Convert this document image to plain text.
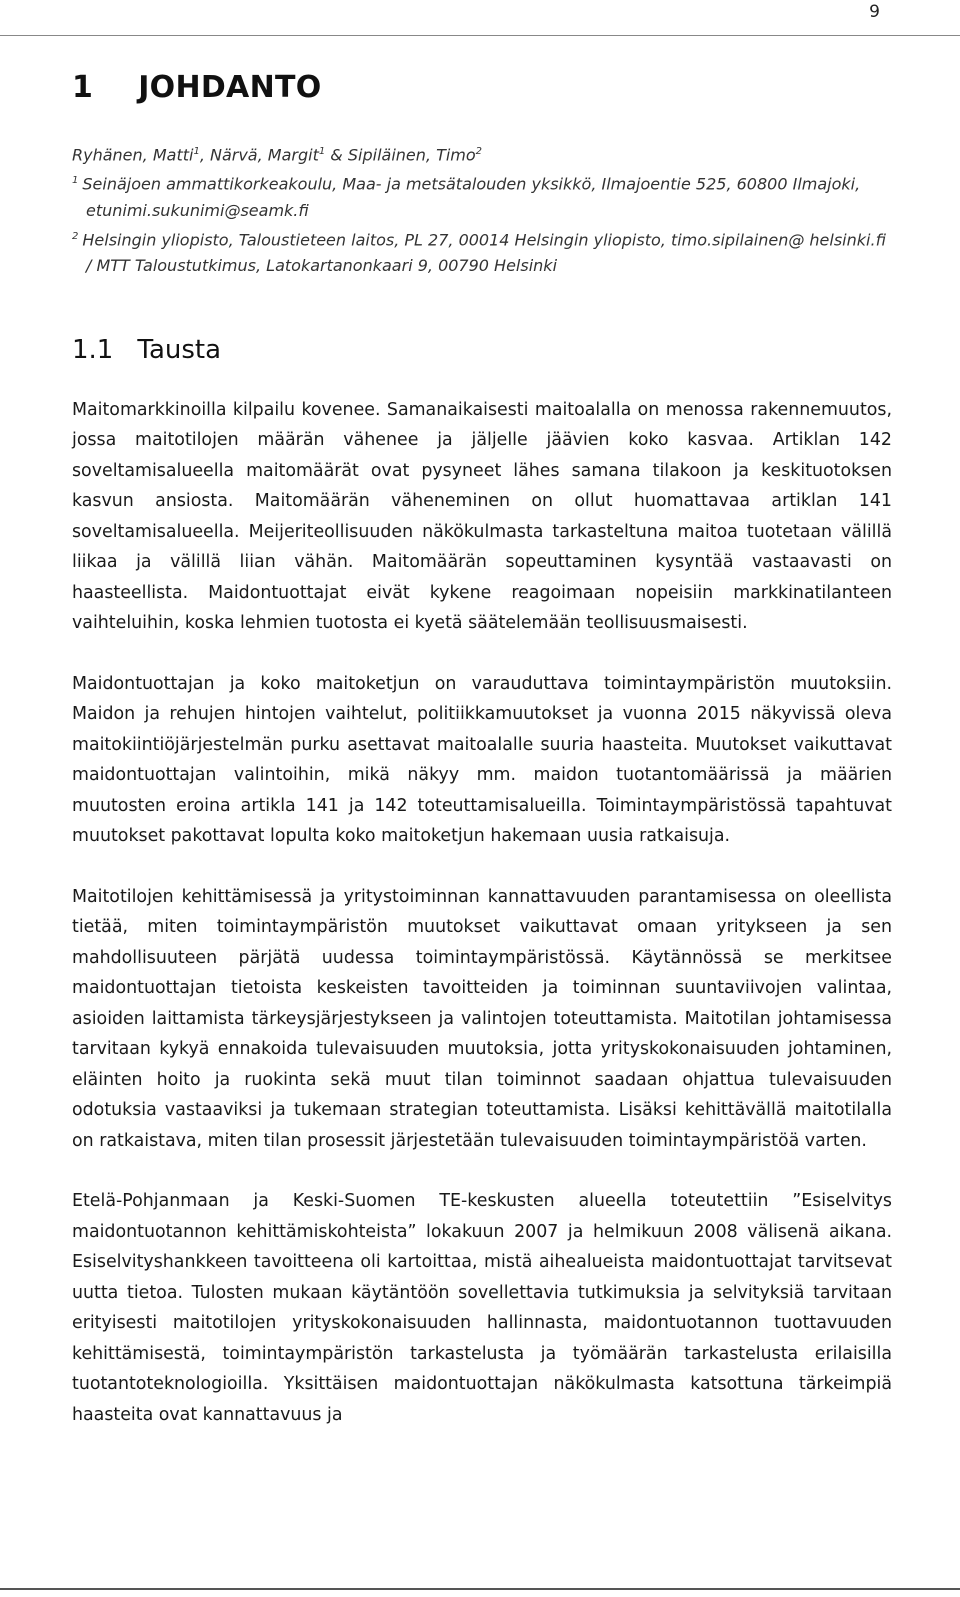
9
1 JOHDANTO
Ryhänen, Matti$^1$, Närvä, Margit$^1$ & Sipiläinen, Timo$^2$
$^1$ Seinäjoen ammattikorkeakoulu, Maa- ja metsätalouden yksikkö, Ilmajoentie 525, 60800 Ilmajoki, etunimi.sukunimi@seamk.fi
$^2$ Helsingin yliopisto, Taloustieteen laitos, PL 27, 00014 Helsingin yliopisto, timo.sipilainen@ helsinki.fi / MTT Taloustutkimus, Latokartanonkaari 9, 00790 Helsinki
1.1 Tausta

Maitomarkkinoilla kilpailu kovenee. Samanaikaisesti maitoalalla on menossa rakennemuutos, jossa maitotilojen määrän vähenee ja jäljelle jäävien koko kasvaa. Artiklan 142 soveltamisalueella maitomäärät ovat pysyneet lähes samana tilakoon ja keskituotoksen kasvun ansiosta. Maitomäärän väheneminen on ollut huomattavaa artiklan 141 soveltamisalueella. Meijeriteollisuuden näkökulmasta tarkasteltuna maitoa tuotetaan välillä liikaa ja välillä liian vähän. Maitomäärän sopeuttaminen kysyntää vastaavasti on haasteellista. Maidontuottajat eivät kykene reagoimaan nopeisiin markkinatilanteen vaihteluihin, koska lehmien tuotosta ei kyetä säätelemään teollisuusmaisesti.

Maidontuottajan ja koko maitoketjun on varauduttava toimintaympäristön muutoksiin. Maidon ja rehujen hintojen vaihtelut, politiikkamuutokset ja vuonna 2015 näkyvissä oleva maitokiintiöjärjestelmän purku asettavat maitoalalle suuria haasteita. Muutokset vaikuttavat maidontuottajan valintoihin, mikä näkyy mm. maidon tuotantomäärissä ja määrien muutosten eroina artikla 141 ja 142 toteuttamisalueilla. Toimintaympäristössä tapahtuvat muutokset pakottavat lopulta koko maitoketjun hakemaan uusia ratkaisuja.

Maitotilojen kehittämisessä ja yritystoiminnan kannattavuuden parantamisessa on oleellista tietää, miten toimintaympäristön muutokset vaikuttavat omaan yritykseen ja sen mahdollisuuteen pärjätä uudessa toimintaympäristössä. Käytännössä se merkitsee maidontuottajan tietoista keskeisten tavoitteiden ja toiminnan suuntaviivojen valintaa, asioiden laittamista tärkeysjärjestykseen ja valintojen toteuttamista. Maitotilan johtamisessa tarvitaan kykyä ennakoida tulevaisuuden muutoksia, jotta yrityskokonaisuuden johtaminen, eläinten hoito ja ruokinta sekä muut tilan toiminnot saadaan ohjattua tulevaisuuden odotuksia vastaaviksi ja tukemaan strategian toteuttamista. Lisäksi kehittävällä maitotilalla on ratkaistava, miten tilan prosessit järjestetään tulevaisuuden toimintaympäristöä varten.

Etelä-Pohjanmaan ja Keski-Suomen TE-keskusten alueella toteutettiin ”Esiselvitys maidontuotannon kehittämiskohteista” lokakuun 2007 ja helmikuun 2008 välisenä aikana. Esiselvityshankkeen tavoitteena oli kartoittaa, mistä aihealueista maidontuottajat tarvitsevat uutta tietoa. Tulosten mukaan käytäntöön sovellettavia tutkimuksia ja selvityksiä tarvitaan erityisesti maitotilojen yrityskokonaisuuden hallinnasta, maidontuotannon tuottavuuden kehittämisestä, toimintaympäristön tarkastelusta ja työmäärän tarkastelusta erilaisilla tuotantoteknologioilla. Yksittäisen maidontuottajan näkökulmasta katsottuna tärkeimpiä haasteita ovat kannattavuus ja
